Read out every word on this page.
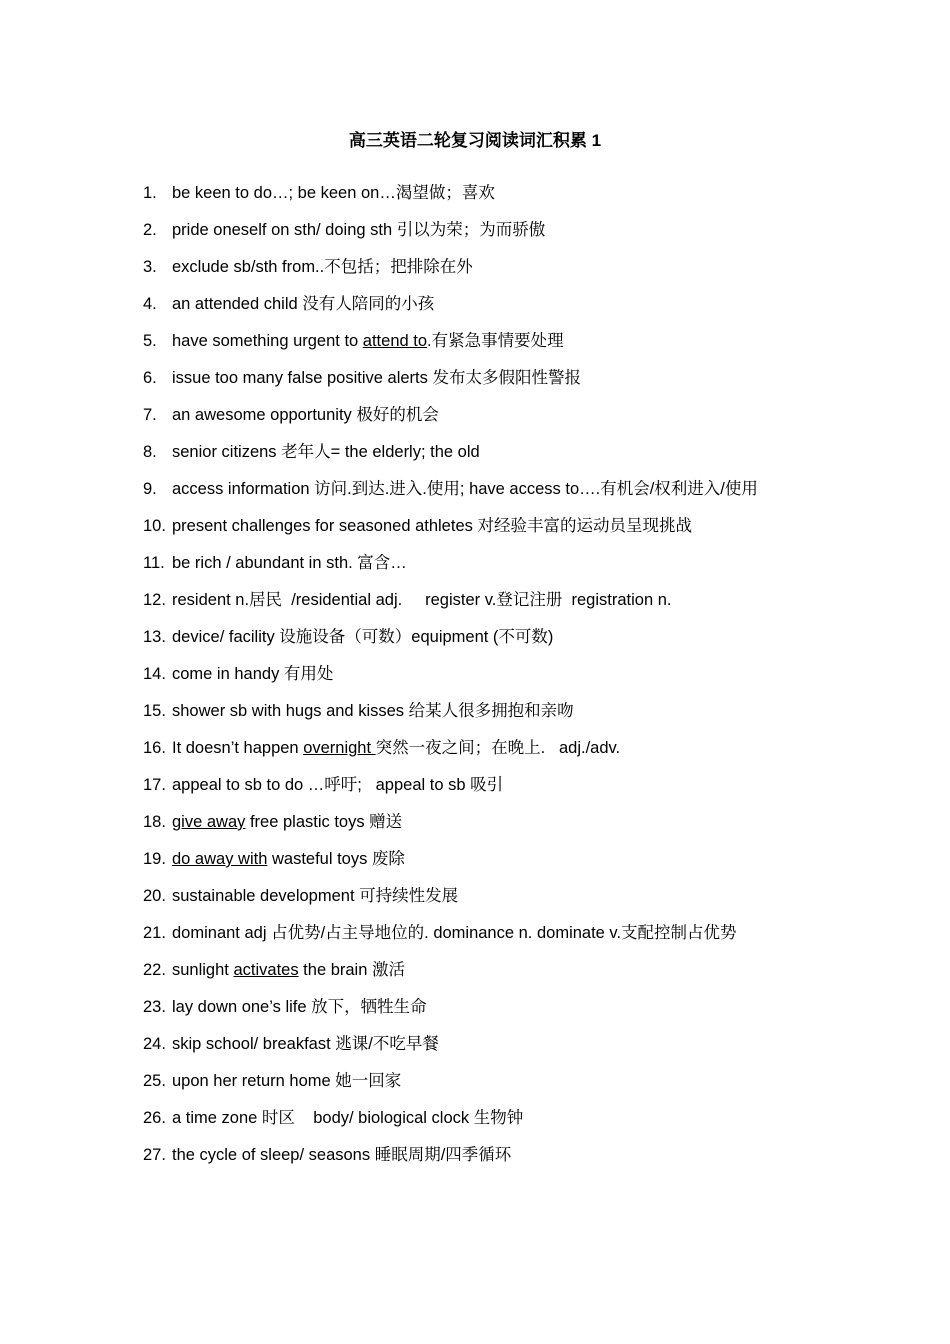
高三英语二轮复习阅读词汇积累 1
1. be keen to do…; be keen on…渴望做；喜欢
2. pride oneself on sth/ doing sth 引以为荣；为而骄傲
3. exclude sb/sth from..不包括；把排除在外
4. an attended child 没有人陪同的小孩
5. have something urgent to attend to.有紧急事情要处理
6. issue too many false positive alerts 发布太多假阳性警报
7. an awesome opportunity 极好的机会
8. senior citizens 老年人= the elderly; the old
9. access information 访问.到达.进入.使用; have access to….有机会/权利进入/使用
10. present challenges for seasoned athletes 对经验丰富的运动员呈现挑战
11. be rich / abundant in sth. 富含…
12. resident n.居民  /residential adj.     register v.登记注册  registration n.
13. device/ facility 设施设备（可数）equipment (不可数)
14. come in handy 有用处
15. shower sb with hugs and kisses 给某人很多拥抱和亲吻
16. It doesn’t happen overnight 突然一夜之间；在晚上.   adj./adv.
17. appeal to sb to do …呼吁;   appeal to sb 吸引
18. give away free plastic toys 赠送
19. do away with wasteful toys 废除
20. sustainable development 可持续性发展
21. dominant adj 占优势/占主导地位的. dominance n. dominate v.支配控制占优势
22. sunlight activates the brain 激活
23. lay down one’s life 放下，牺牲生命
24. skip school/ breakfast 逃课/不吃早餐
25. upon her return home 她一回家
26. a time zone 时区    body/ biological clock 生物钟
27. the cycle of sleep/ seasons 睡眠周期/四季循环
